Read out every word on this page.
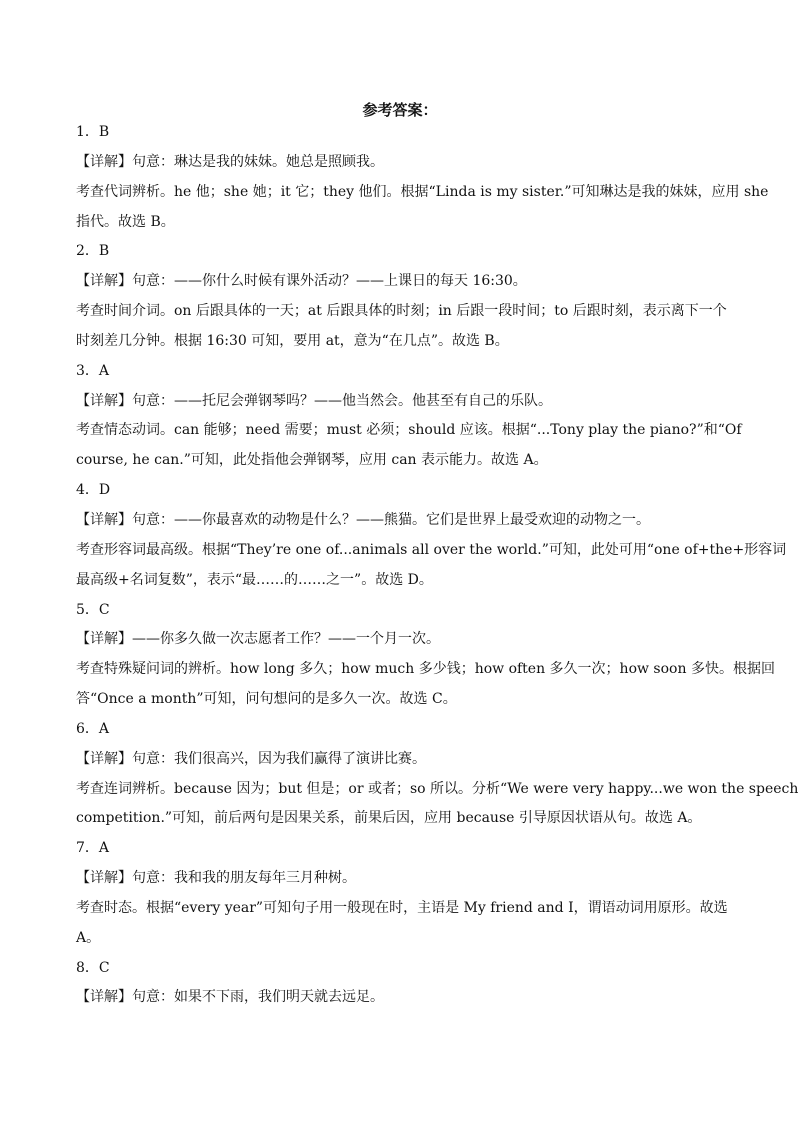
参考答案：
1．B
【详解】句意：琳达是我的妹妹。她总是照顾我。
考查代词辨析。he 他；she 她；it 它；they 他们。根据“Linda is my sister.”可知琳达是我的妹妹，应用 she
指代。故选 B。
2．B
【详解】句意：——你什么时候有课外活动？——上课日的每天 16:30。
考查时间介词。on 后跟具体的一天；at 后跟具体的时刻；in 后跟一段时间；to 后跟时刻，表示离下一个
时刻差几分钟。根据 16:30 可知，要用 at，意为“在几点”。故选 B。
3．A
【详解】句意：——托尼会弹钢琴吗？——他当然会。他甚至有自己的乐队。
考查情态动词。can 能够；need 需要；must 必须；should 应该。根据“...Tony play the piano?”和“Of
course, he can.”可知，此处指他会弹钢琴，应用 can 表示能力。故选 A。
4．D
【详解】句意：——你最喜欢的动物是什么？——熊猫。它们是世界上最受欢迎的动物之一。
考查形容词最高级。根据“They’re one of...animals all over the world.”可知，此处可用“one of+the+形容词
最高级+名词复数”，表示“最……的……之一”。故选 D。
5．C
【详解】——你多久做一次志愿者工作？——一个月一次。
考查特殊疑问词的辨析。how long 多久；how much 多少钱；how often 多久一次；how soon 多快。根据回
答“Once a month”可知，问句想问的是多久一次。故选 C。
6．A
【详解】句意：我们很高兴，因为我们赢得了演讲比赛。
考查连词辨析。because 因为；but 但是；or 或者；so 所以。分析“We were very happy...we won the speech
competition.”可知，前后两句是因果关系，前果后因，应用 because 引导原因状语从句。故选 A。
7．A
【详解】句意：我和我的朋友每年三月种树。
考查时态。根据“every year”可知句子用一般现在时，主语是 My friend and I，谓语动词用原形。故选
A。
8．C
【详解】句意：如果不下雨，我们明天就去远足。
